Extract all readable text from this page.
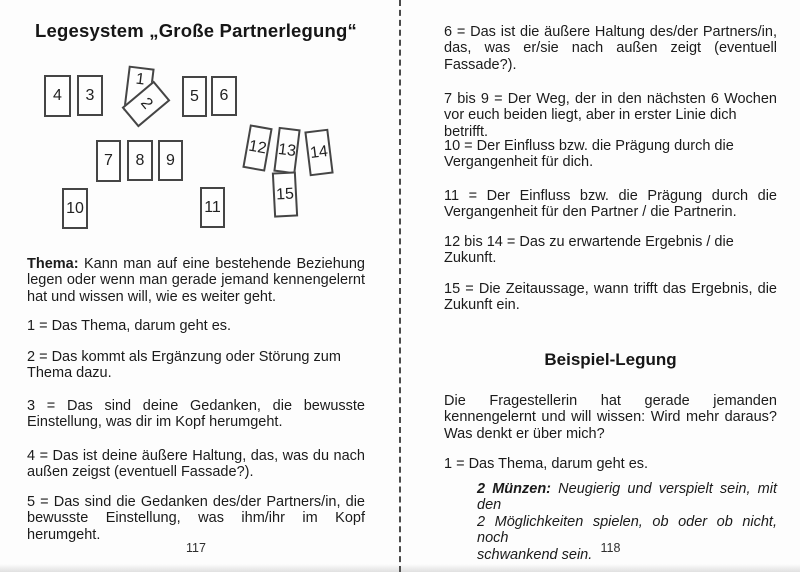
Legesystem „Große Partnerlegung“
1
2
3
4	5 6
7 8 9
10	11
12 13 14
15
Thema: Kann man auf eine bestehende Beziehung
legen oder wenn man gerade jemand kennengelernt
hat und wissen will, wie es weiter geht.
1 = Das Thema, darum geht es.
2 = Das kommt als Ergänzung oder Störung zum
Thema dazu.
3 = Das sind deine Gedanken, die bewusste
Einstellung, was dir im Kopf herumgeht.
4 = Das ist deine äußere Haltung, das, was du nach
außen zeigst (eventuell Fassade?).
5 = Das sind die Gedanken des/der Partners/in, die
bewusste Einstellung, was ihm/ihr im Kopf
herumgeht.
117
6 = Das ist die äußere Haltung des/der Partners/in,
das, was er/sie nach außen zeigt (eventuell
Fassade?).
7 bis 9 = Der Weg, der in den nächsten 6 Wochen
vor euch beiden liegt, aber in erster Linie dich betrifft.
10 = Der Einfluss bzw. die Prägung durch die
Vergangenheit für dich.
11 = Der Einfluss bzw. die Prägung durch die
Vergangenheit für den Partner / die Partnerin.
12 bis 14 = Das zu erwartende Ergebnis / die
Zukunft.
15 = Die Zeitaussage, wann trifft das Ergebnis, die
Zukunft ein.
Beispiel-Legung
Die Fragestellerin hat gerade jemanden
kennengelernt und will wissen: Wird mehr daraus?
Was denkt er über mich?
1 = Das Thema, darum geht es.
2 Münzen: Neugierig und verspielt sein, mit den
2 Möglichkeiten spielen, ob oder ob nicht, noch
schwankend sein. 118
